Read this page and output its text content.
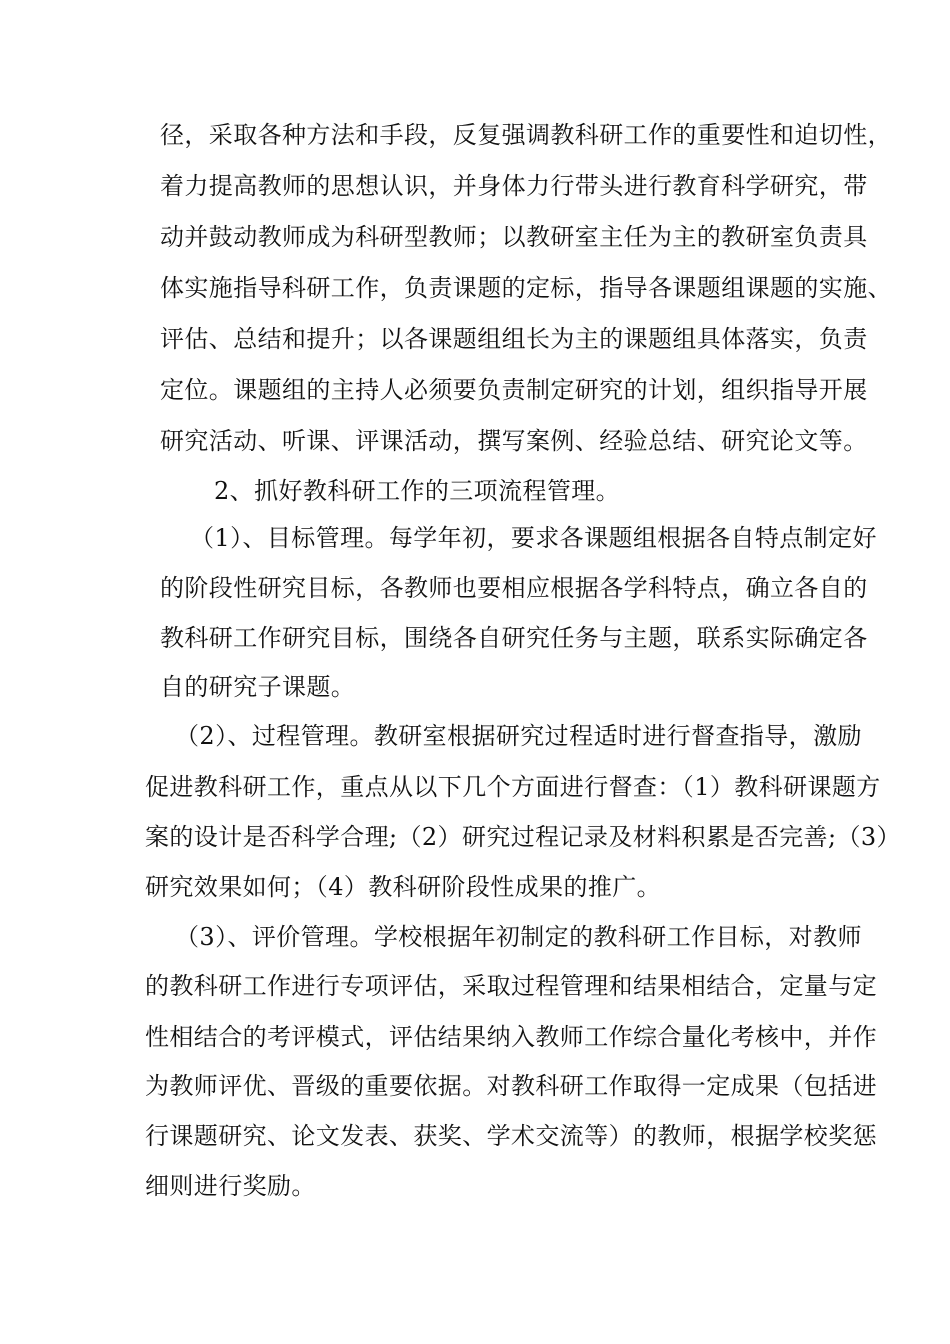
径，采取各种方法和手段，反复强调教科研工作的重要性和迫切性，
着力提高教师的思想认识，并身体力行带头进行教育科学研究，带
动并鼓动教师成为科研型教师；以教研室主任为主的教研室负责具
体实施指导科研工作，负责课题的定标，指导各课题组课题的实施、
评估、总结和提升；以各课题组组长为主的课题组具体落实，负责
定位。课题组的主持人必须要负责制定研究的计划，组织指导开展
研究活动、听课、评课活动，撰写案例、经验总结、研究论文等。
2、抓好教科研工作的三项流程管理。
（1）、目标管理。每学年初，要求各课题组根据各自特点制定好
的阶段性研究目标，各教师也要相应根据各学科特点，确立各自的
教科研工作研究目标，围绕各自研究任务与主题，联系实际确定各
自的研究子课题。
（2）、过程管理。教研室根据研究过程适时进行督查指导，激励
促进教科研工作，重点从以下几个方面进行督查：（1）教科研课题方
案的设计是否科学合理;（2）研究过程记录及材料积累是否完善;（3）
研究效果如何；（4）教科研阶段性成果的推广。
（3）、评价管理。学校根据年初制定的教科研工作目标，对教师
的教科研工作进行专项评估，采取过程管理和结果相结合，定量与定
性相结合的考评模式，评估结果纳入教师工作综合量化考核中，并作
为教师评优、晋级的重要依据。对教科研工作取得一定成果（包括进
行课题研究、论文发表、获奖、学术交流等）的教师，根据学校奖惩
细则进行奖励。
